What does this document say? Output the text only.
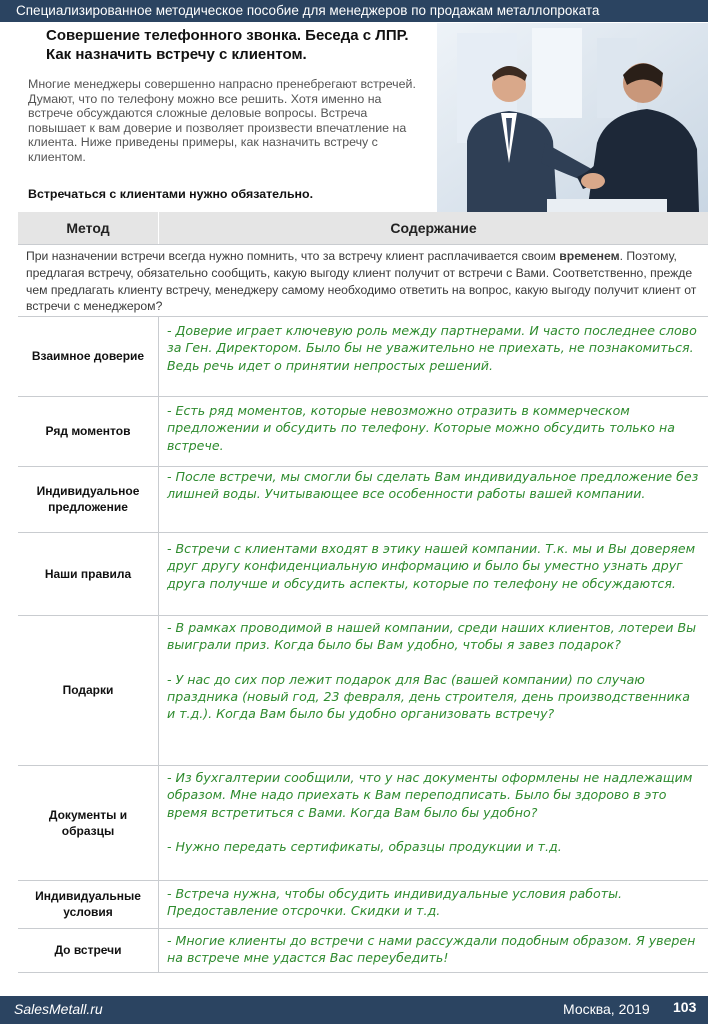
Специализированное методическое пособие для менеджеров по продажам металлопроката
Совершение телефонного звонка. Беседа с ЛПР. Как назначить встречу с клиентом.
Многие менеджеры совершенно напрасно пренебрегают встречей. Думают, что по телефону можно все решить. Хотя именно на встрече обсуждаются сложные деловые вопросы. Встреча повышает к вам доверие и позволяет произвести впечатление на клиента. Ниже приведены примеры, как назначить встречу с клиентом.
Встречаться с клиентами нужно обязательно.
Метод	Содержание
При назначении встречи всегда нужно помнить, что за встречу клиент расплачивается своим временем. Поэтому, предлагая встречу, обязательно сообщить, какую выгоду клиент получит от встречи с Вами. Соответственно, прежде чем предлагать клиенту встречу, менеджеру самому необходимо ответить на вопрос, какую выгоду получит клиент от встречи с менеджером?
Взаимное доверие

- Доверие играет ключевую роль между партнерами. И часто последнее слово за Ген. Директором. Было бы не уважительно не приехать, не познакомиться. Ведь речь идет о принятии непростых решений.

Ряд моментов

- Есть ряд моментов, которые невозможно отразить в коммерческом предложении и обсудить по телефону. Которые можно обсудить только на встрече.

Индивидуальное предложение

- После встречи, мы смогли бы сделать Вам индивидуальное предложение без лишней воды. Учитывающее все особенности работы вашей компании.

Наши правила

- Встречи с клиентами входят в этику нашей компании. Т.к. мы и Вы доверяем друг другу конфиденциальную информацию и было бы уместно узнать друг друга получше и обсудить аспекты, которые по телефону не обсуждаются.

Подарки

- В рамках проводимой в нашей компании, среди наших клиентов, лотереи Вы выиграли приз. Когда было бы Вам удобно, чтобы я завез подарок?

- У нас до сих пор лежит подарок для Вас (вашей компании) по случаю праздника (новый год, 23 февраля, день строителя, день производственника и т.д.). Когда Вам было бы удобно организовать встречу?

Документы и образцы

- Из бухгалтерии сообщили, что у нас документы оформлены не надлежащим образом. Мне надо приехать к Вам переподписать. Было бы здорово в это время встретиться с Вами. Когда Вам было бы удобно?

- Нужно передать сертификаты, образцы продукции и т.д.

Индивидуальные условия

- Встреча нужна, чтобы обсудить индивидуальные условия работы. Предоставление отсрочки. Скидки и т.д.

До встречи

- Многие клиенты до встречи с нами рассуждали подобным образом. Я уверен на встрече мне удастся Вас переубедить!

SalesMetall.ru	Москва, 2019 103
